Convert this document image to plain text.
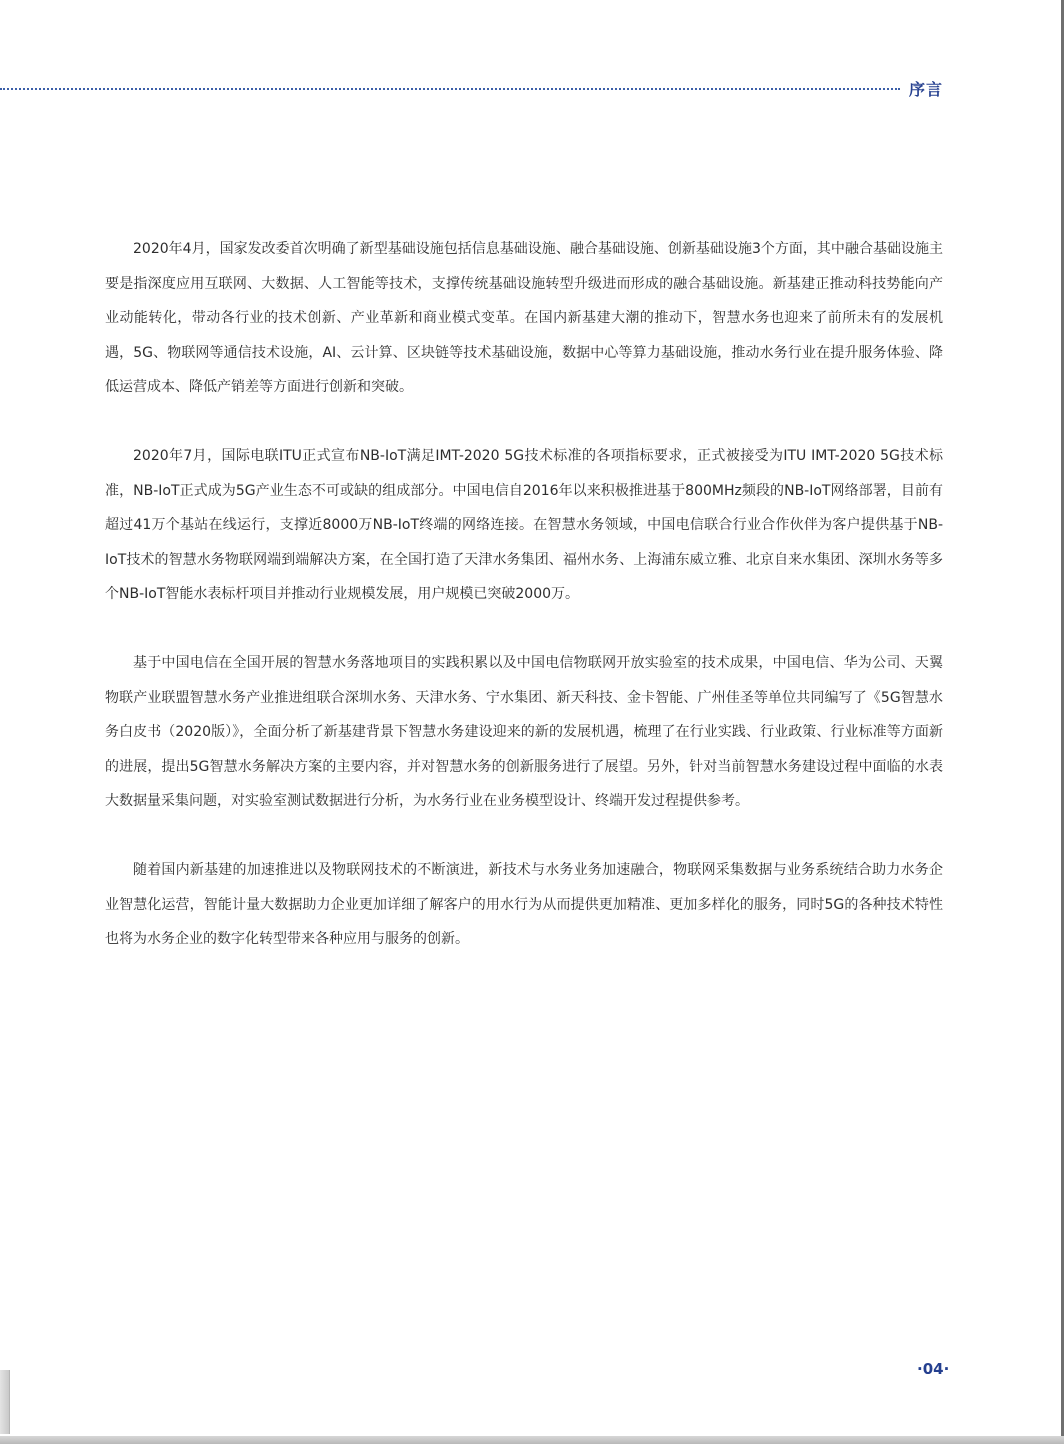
序言

2020年4月，国家发改委首次明确了新型基础设施包括信息基础设施、融合基础设施、创新基础设施3个方面，其中融合基础设施主要是指深度应用互联网、大数据、人工智能等技术，支撑传统基础设施转型升级进而形成的融合基础设施。新基建正推动科技势能向产业动能转化，带动各行业的技术创新、产业革新和商业模式变革。在国内新基建大潮的推动下，智慧水务也迎来了前所未有的发展机遇，5G、物联网等通信技术设施，AI、云计算、区块链等技术基础设施，数据中心等算力基础设施，推动水务行业在提升服务体验、降低运营成本、降低产销差等方面进行创新和突破。

2020年7月，国际电联ITU正式宣布NB-IoT满足IMT-2020 5G技术标准的各项指标要求，正式被接受为ITU IMT-2020 5G技术标准，NB-IoT正式成为5G产业生态不可或缺的组成部分。中国电信自2016年以来积极推进基于800MHz频段的NB-IoT网络部署，目前有超过41万个基站在线运行，支撑近8000万NB-IoT终端的网络连接。在智慧水务领域，中国电信联合行业合作伙伴为客户提供基于NB-IoT技术的智慧水务物联网端到端解决方案，在全国打造了天津水务集团、福州水务、上海浦东威立雅、北京自来水集团、深圳水务等多个NB-IoT智能水表标杆项目并推动行业规模发展，用户规模已突破2000万。

基于中国电信在全国开展的智慧水务落地项目的实践积累以及中国电信物联网开放实验室的技术成果，中国电信、华为公司、天翼物联产业联盟智慧水务产业推进组联合深圳水务、天津水务、宁水集团、新天科技、金卡智能、广州佳圣等单位共同编写了《5G智慧水务白皮书（2020版）》，全面分析了新基建背景下智慧水务建设迎来的新的发展机遇，梳理了在行业实践、行业政策、行业标准等方面新的进展，提出5G智慧水务解决方案的主要内容，并对智慧水务的创新服务进行了展望。另外，针对当前智慧水务建设过程中面临的水表大数据量采集问题，对实验室测试数据进行分析，为水务行业在业务模型设计、终端开发过程提供参考。

随着国内新基建的加速推进以及物联网技术的不断演进，新技术与水务业务加速融合，物联网采集数据与业务系统结合助力水务企业智慧化运营，智能计量大数据助力企业更加详细了解客户的用水行为从而提供更加精准、更加多样化的服务，同时5G的各种技术特性也将为水务企业的数字化转型带来各种应用与服务的创新。

·04·
